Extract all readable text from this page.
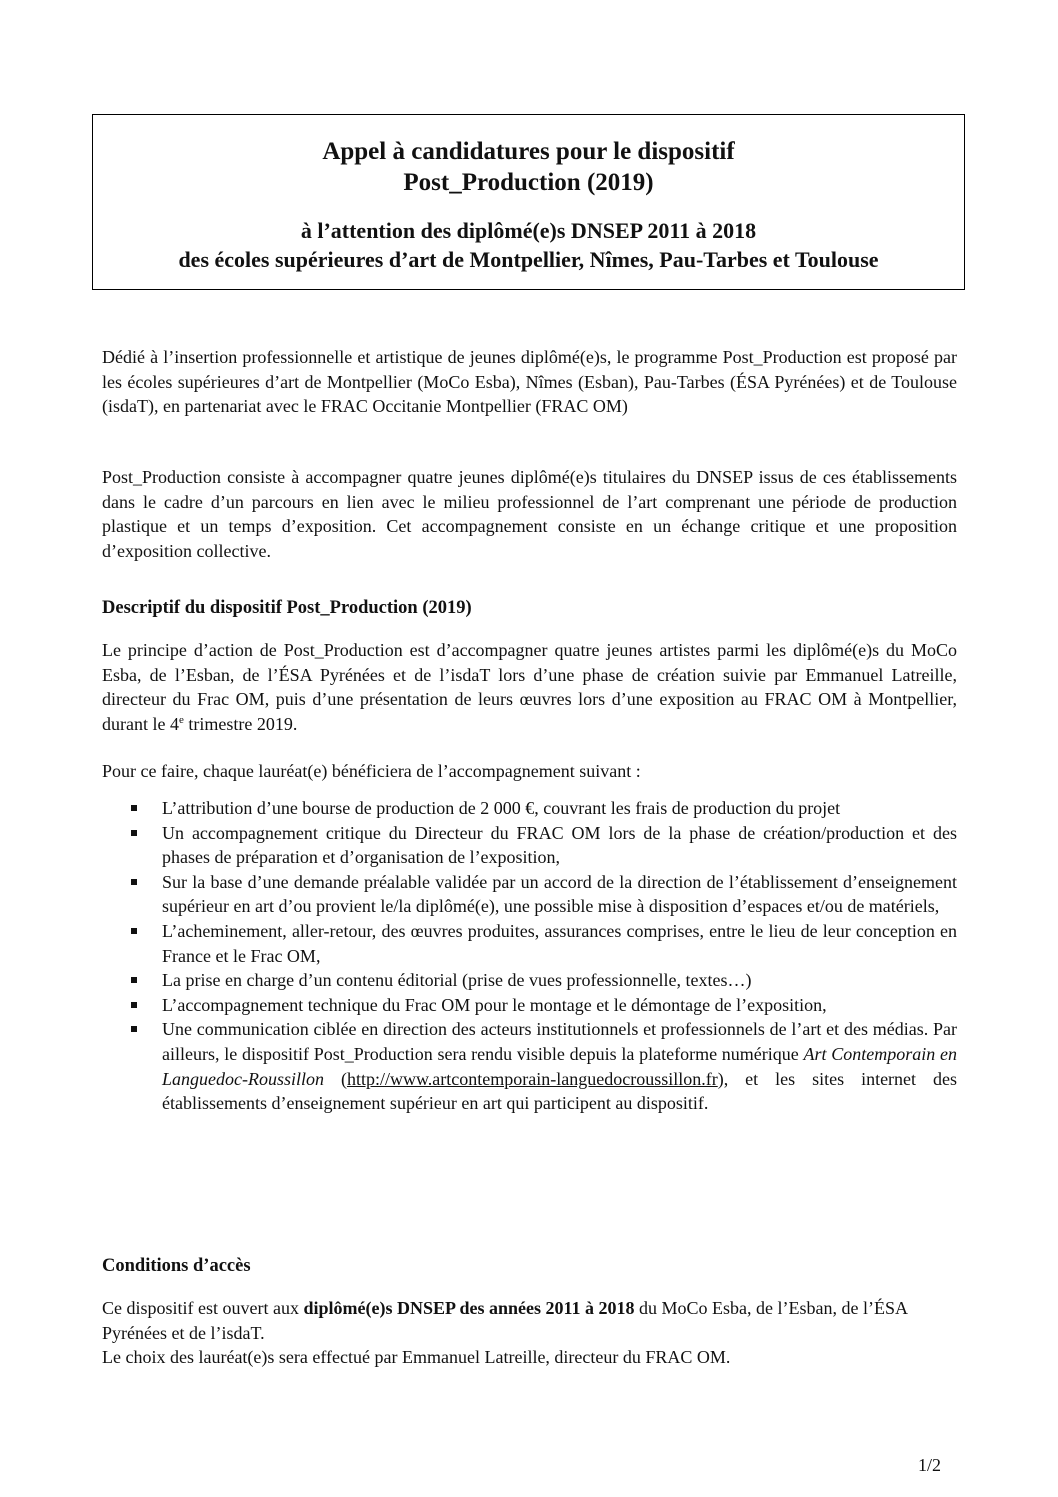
Appel à candidatures pour le dispositif
Post_Production (2019)
à l’attention des diplômé(e)s DNSEP 2011 à 2018
des écoles supérieures d’art de Montpellier, Nîmes, Pau-Tarbes et Toulouse

Dédié à l’insertion professionnelle et artistique de jeunes diplômé(e)s, le programme Post_Production est proposé par les écoles supérieures d’art de Montpellier (MoCo Esba), Nîmes (Esban), Pau-Tarbes (ÉSA Pyrénées) et de Toulouse (isdaT), en partenariat avec le FRAC Occitanie Montpellier (FRAC OM)

Post_Production consiste à accompagner quatre jeunes diplômé(e)s titulaires du DNSEP issus de ces établissements dans le cadre d’un parcours en lien avec le milieu professionnel de l’art comprenant une période de production plastique et un temps d’exposition. Cet accompagnement consiste en un échange critique et une proposition d’exposition collective.

Descriptif du dispositif Post_Production (2019)

Le principe d’action de Post_Production est d’accompagner quatre jeunes artistes parmi les diplômé(e)s du MoCo Esba, de l’Esban, de l’ÉSA Pyrénées et de l’isdaT lors d’une phase de création suivie par Emmanuel Latreille, directeur du Frac OM, puis d’une présentation de leurs œuvres lors d’une exposition au FRAC OM à Montpellier, durant le 4e trimestre 2019.

Pour ce faire, chaque lauréat(e) bénéficiera de l’accompagnement suivant :

L’attribution d’une bourse de production de 2 000 €, couvrant les frais de production du projet
Un accompagnement critique du Directeur du FRAC OM lors de la phase de création/production et des phases de préparation et d’organisation de l’exposition,
Sur la base d’une demande préalable validée par un accord de la direction de l’établissement d’enseignement supérieur en art d’ou provient le/la diplômé(e), une possible mise à disposition d’espaces et/ou de matériels,
L’acheminement, aller-retour, des œuvres produites, assurances comprises, entre le lieu de leur conception en France et le Frac OM,
La prise en charge d’un contenu éditorial (prise de vues professionnelle, textes…)
L’accompagnement technique du Frac OM pour le montage et le démontage de l’exposition,
Une communication ciblée en direction des acteurs institutionnels et professionnels de l’art et des médias. Par ailleurs, le dispositif Post_Production sera rendu visible depuis la plateforme numérique Art Contemporain en Languedoc-Roussillon (http://www.artcontemporain-languedocroussillon.fr), et les sites internet des établissements d’enseignement supérieur en art qui participent au dispositif.

Conditions d’accès

Ce dispositif est ouvert aux diplômé(e)s DNSEP des années 2011 à 2018 du MoCo Esba, de l’Esban, de l’ÉSA Pyrénées et de l’isdaT.

Le choix des lauréat(e)s sera effectué par Emmanuel Latreille, directeur du FRAC OM.

1/2
